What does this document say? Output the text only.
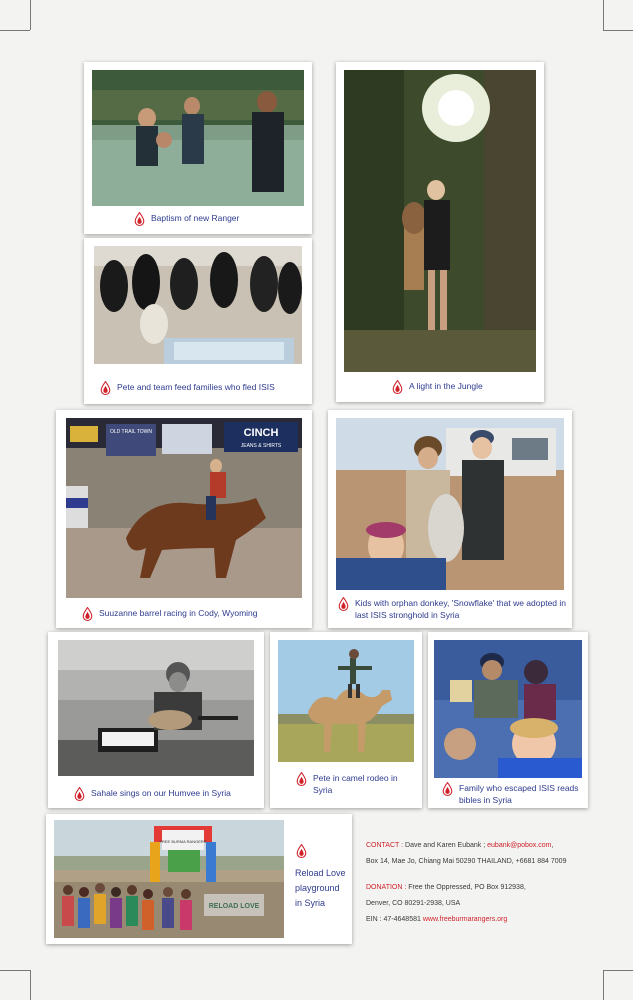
Baptism of new Ranger
A light in the Jungle
Pete and team feed families who fled ISIS
CINCH
JEANS & SHIRTS
OLD TRAIL TOWN
Suuzanne barrel racing in Cody, Wyoming
Kids with orphan donkey, 'Snowflake' that we adopted in last ISIS stronghold in Syria
Sahale sings on our Humvee in Syria
Pete in camel rodeo in Syria	Family who escaped ISIS reads bibles in Syria
FREE BURMA RANGERS
RELOAD LOVE
Reload Love playground in Syria
CONTACT : Dave and Karen Eubank ; eubank@pobox.com,
Box 14, Mae Jo, Chiang Mai 50290 THAILAND, +6681 884 7009
DONATION : Free the Oppressed, PO Box 912938,
Denver, CO 80291-2938, USA
EIN : 47-4648581 www.freeburmarangers.org
